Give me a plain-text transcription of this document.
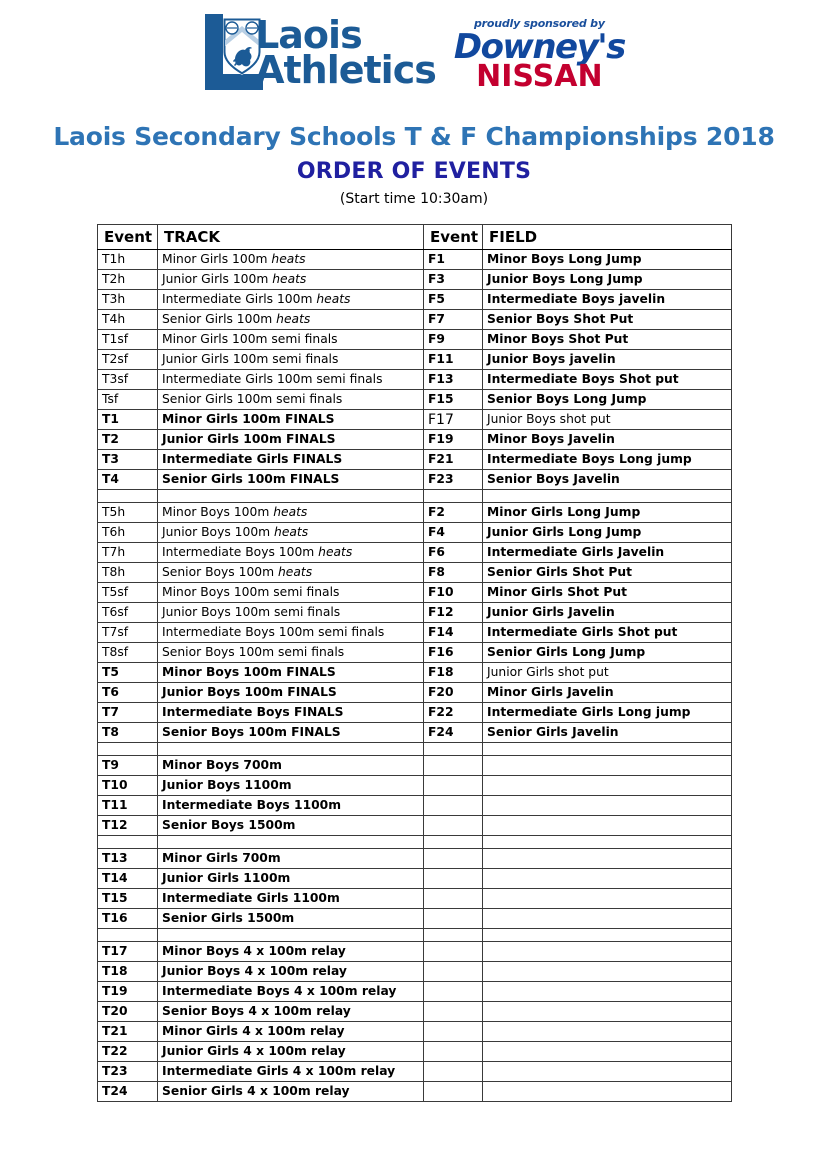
Laois
Athletics
proudly sponsored by
Downey's
NISSAN
Laois Secondary Schools T & F Championships 2018
ORDER OF EVENTS
(Start time 10:30am)
Event	TRACK	Event	FIELD
T1h	Minor Girls 100m heats	F1	Minor Boys Long Jump
T2h	Junior Girls 100m heats	F3	Junior Boys Long Jump
T3h	Intermediate Girls 100m heats	F5	Intermediate Boys javelin
T4h	Senior Girls 100m heats	F7	Senior Boys Shot Put
T1sf	Minor Girls 100m semi finals	F9	Minor Boys Shot Put
T2sf	Junior Girls 100m semi finals	F11	Junior Boys javelin
T3sf	Intermediate Girls 100m semi finals	F13	Intermediate Boys Shot put
Tsf	Senior Girls 100m semi finals	F15	Senior Boys Long Jump
T1	Minor Girls 100m FINALS	F17	Junior Boys shot put
T2	Junior Girls 100m FINALS	F19	Minor Boys Javelin
T3	Intermediate Girls FINALS	F21	Intermediate Boys Long jump
T4	Senior Girls 100m FINALS	F23	Senior Boys Javelin

T5h	Minor Boys 100m heats	F2	Minor Girls Long Jump
T6h	Junior Boys 100m heats	F4	Junior Girls Long Jump
T7h	Intermediate Boys 100m heats	F6	Intermediate Girls Javelin
T8h	Senior Boys 100m heats	F8	Senior Girls Shot Put
T5sf	Minor Boys 100m semi finals	F10	Minor Girls Shot Put
T6sf	Junior Boys 100m semi finals	F12	Junior Girls Javelin
T7sf	Intermediate Boys 100m semi finals	F14	Intermediate Girls Shot put
T8sf	Senior Boys 100m semi finals	F16	Senior Girls Long Jump
T5	Minor Boys 100m FINALS	F18	Junior Girls shot put
T6	Junior Boys 100m FINALS	F20	Minor Girls Javelin
T7	Intermediate Boys FINALS	F22	Intermediate Girls Long jump
T8	Senior Boys 100m FINALS	F24	Senior Girls Javelin

T9	Minor Boys 700m		
T10	Junior Boys 1100m		
T11	Intermediate Boys 1100m		
T12	Senior Boys 1500m		

T13	Minor Girls 700m		
T14	Junior Girls 1100m		
T15	Intermediate Girls 1100m		
T16	Senior Girls 1500m		

T17	Minor Boys 4 x 100m relay		
T18	Junior Boys 4 x 100m relay		
T19	Intermediate Boys 4 x 100m relay		
T20	Senior Boys 4 x 100m relay		
T21	Minor Girls 4 x 100m relay		
T22	Junior Girls 4 x 100m relay		
T23	Intermediate Girls 4 x 100m relay		
T24	Senior Girls 4 x 100m relay		
